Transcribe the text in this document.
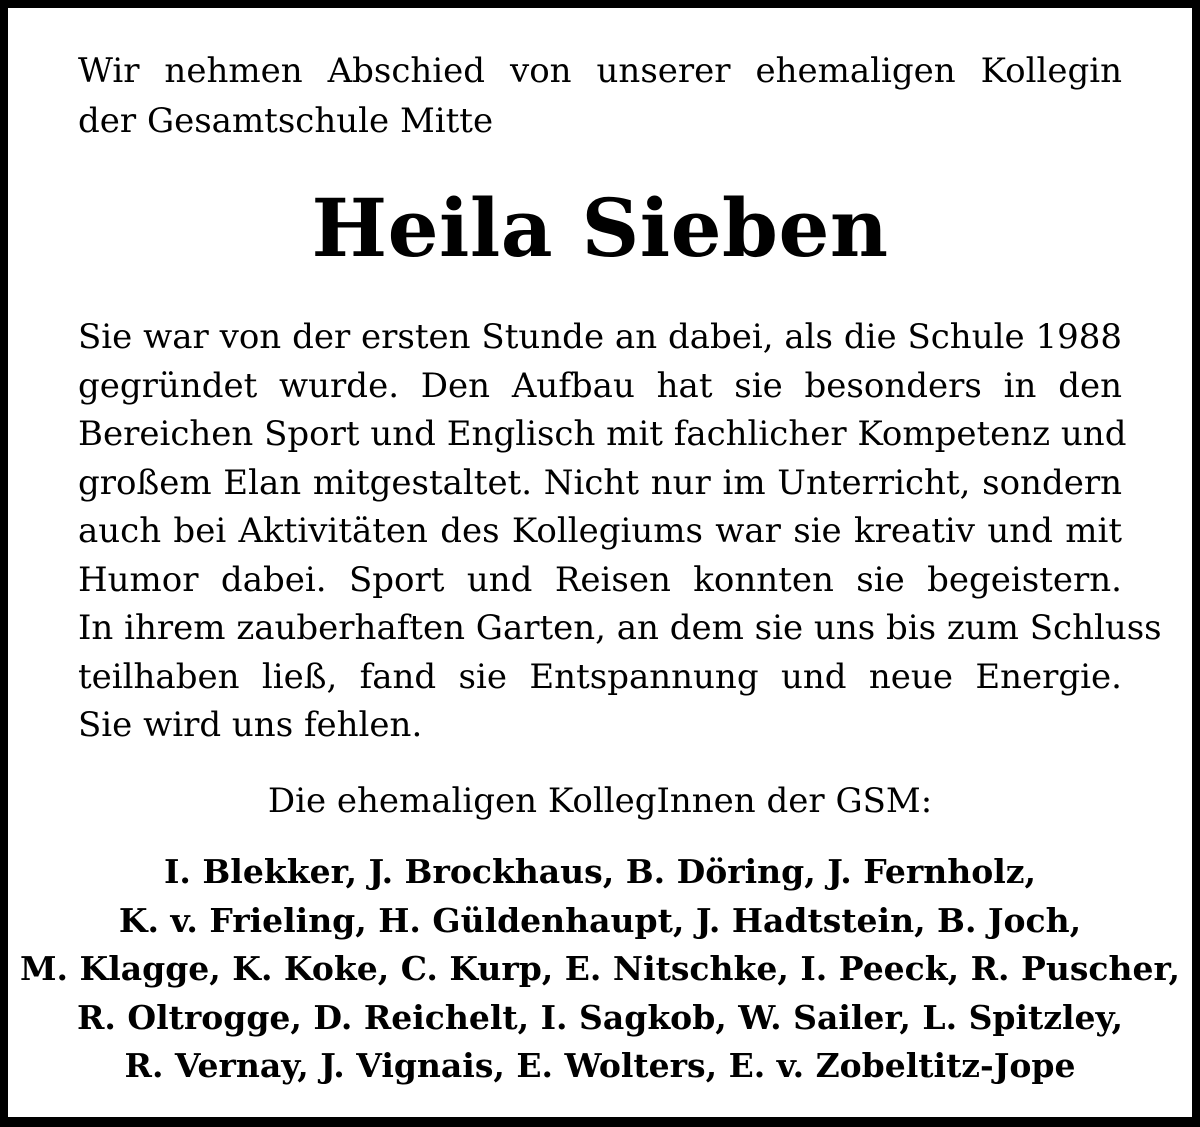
Wir nehmen Abschied von unserer ehemaligen Kollegin
der Gesamtschule Mitte

Heila Sieben

Sie war von der ersten Stunde an dabei, als die Schule 1988
gegründet wurde. Den Aufbau hat sie besonders in den
Bereichen Sport und Englisch mit fachlicher Kompetenz und
großem Elan mitgestaltet. Nicht nur im Unterricht, sondern
auch bei Aktivitäten des Kollegiums war sie kreativ und mit
Humor dabei. Sport und Reisen konnten sie begeistern.
In ihrem zauberhaften Garten, an dem sie uns bis zum Schluss
teilhaben ließ, fand sie Entspannung und neue Energie.
Sie wird uns fehlen.

Die ehemaligen KollegInnen der GSM:

I. Blekker, J. Brockhaus, B. Döring, J. Fernholz,
K. v. Frieling, H. Güldenhaupt, J. Hadtstein, B. Joch,
M. Klagge, K. Koke, C. Kurp, E. Nitschke, I. Peeck, R. Puscher,
R. Oltrogge, D. Reichelt, I. Sagkob, W. Sailer, L. Spitzley,
R. Vernay, J. Vignais, E. Wolters, E. v. Zobeltitz-Jope
